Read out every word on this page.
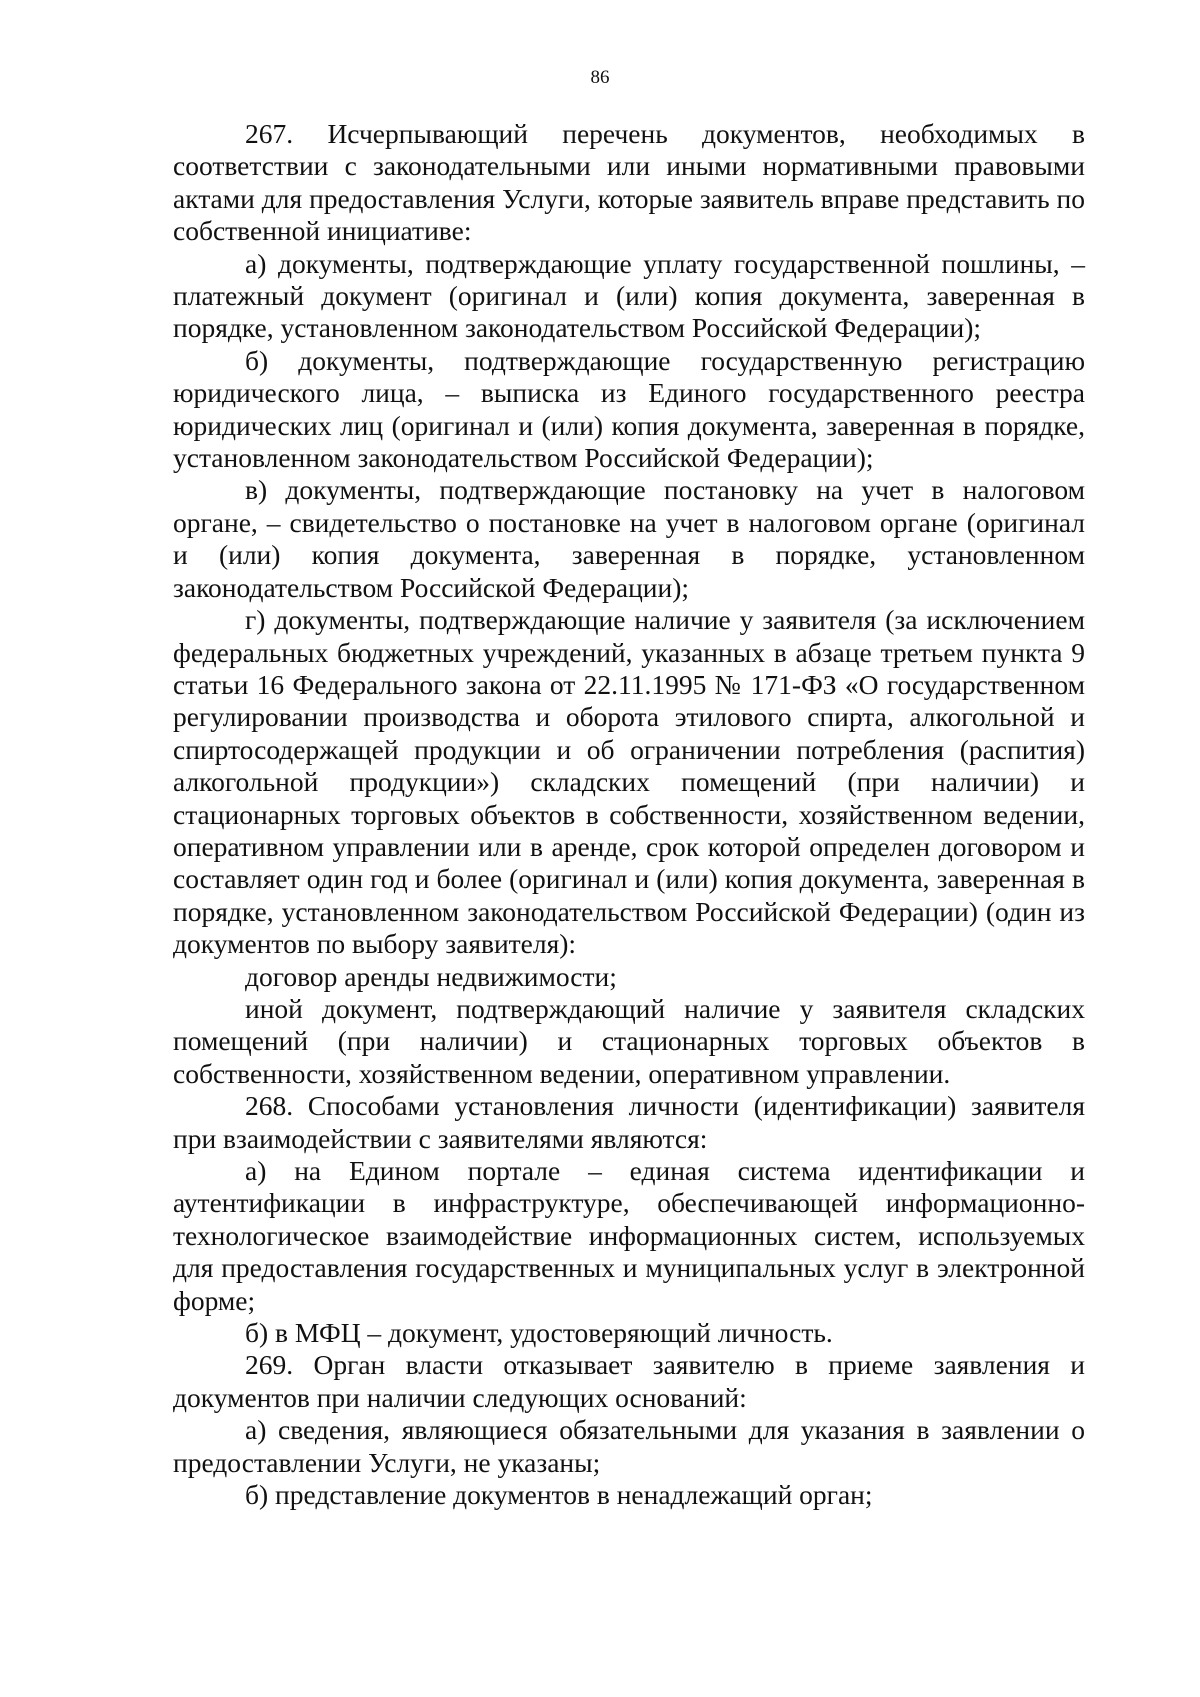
86

267. Исчерпывающий перечень документов, необходимых в соответствии с законодательными или иными нормативными правовыми актами для предоставления Услуги, которые заявитель вправе представить по собственной инициативе:

а) документы, подтверждающие уплату государственной пошлины, – платежный документ (оригинал и (или) копия документа, заверенная в порядке, установленном законодательством Российской Федерации);

б) документы, подтверждающие государственную регистрацию юридического лица, – выписка из Единого государственного реестра юридических лиц (оригинал и (или) копия документа, заверенная в порядке, установленном законодательством Российской Федерации);

в) документы, подтверждающие постановку на учет в налоговом органе, – свидетельство о постановке на учет в налоговом органе (оригинал и (или) копия документа, заверенная в порядке, установленном законодательством Российской Федерации);

г) документы, подтверждающие наличие у заявителя (за исключением федеральных бюджетных учреждений, указанных в абзаце третьем пункта 9 статьи 16 Федерального закона от 22.11.1995 № 171-ФЗ «О государственном регулировании производства и оборота этилового спирта, алкогольной и спиртосодержащей продукции и об ограничении потребления (распития) алкогольной продукции») складских помещений (при наличии) и стационарных торговых объектов в собственности, хозяйственном ведении, оперативном управлении или в аренде, срок которой определен договором и составляет один год и более (оригинал и (или) копия документа, заверенная в порядке, установленном законодательством Российской Федерации) (один из документов по выбору заявителя):

договор аренды недвижимости;

иной документ, подтверждающий наличие у заявителя складских помещений (при наличии) и стационарных торговых объектов в собственности, хозяйственном ведении, оперативном управлении.

268. Способами установления личности (идентификации) заявителя при взаимодействии с заявителями являются:

а) на Едином портале – единая система идентификации и аутентификации в инфраструктуре, обеспечивающей информационно-технологическое взаимодействие информационных систем, используемых для предоставления государственных и муниципальных услуг в электронной форме;

б) в МФЦ – документ, удостоверяющий личность.

269. Орган власти отказывает заявителю в приеме заявления и документов при наличии следующих оснований:

а) сведения, являющиеся обязательными для указания в заявлении о предоставлении Услуги, не указаны;

б) представление документов в ненадлежащий орган;
